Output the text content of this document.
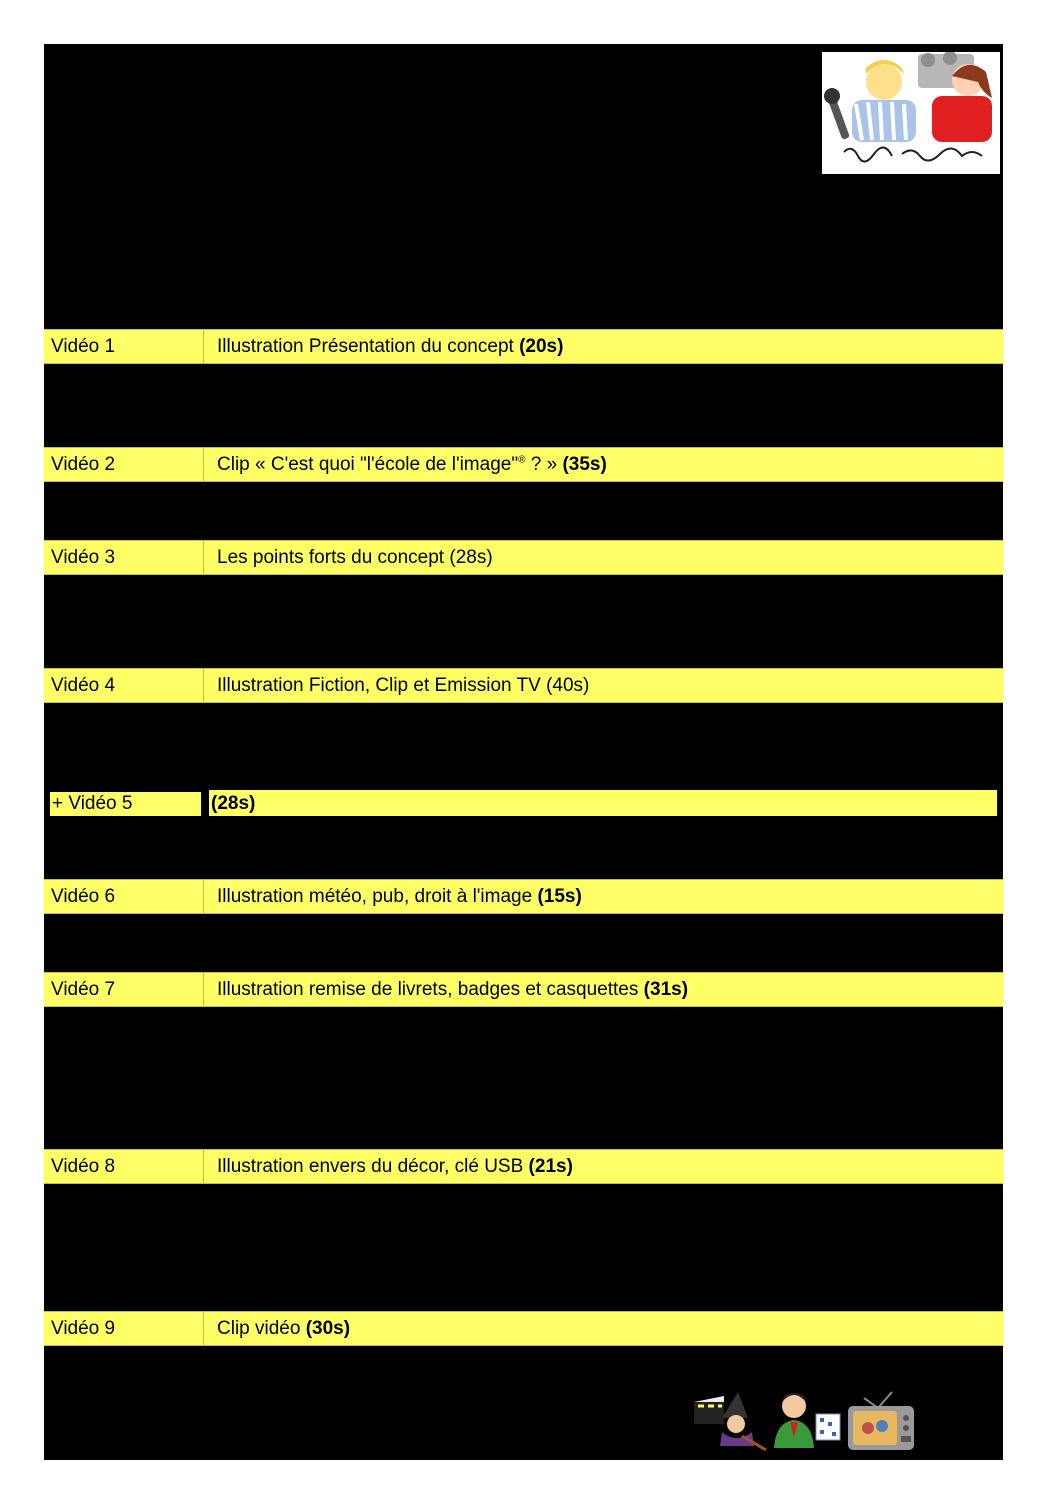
Vidéo 1	Illustration Présentation du concept (20s)
Vidéo 2	Clip « C'est quoi "l'école de l'image"® ? » (35s)
Vidéo 3	Les points forts du concept (28s)
Vidéo 4	Illustration Fiction, Clip et Emission TV (40s)
+ Vidéo 5	(28s)
Vidéo 6	Illustration météo, pub, droit à l'image (15s)
Vidéo 7	Illustration remise de livrets, badges et casquettes (31s)
Vidéo 8	Illustration envers du décor, clé USB (21s)
Vidéo 9	Clip vidéo (30s)
